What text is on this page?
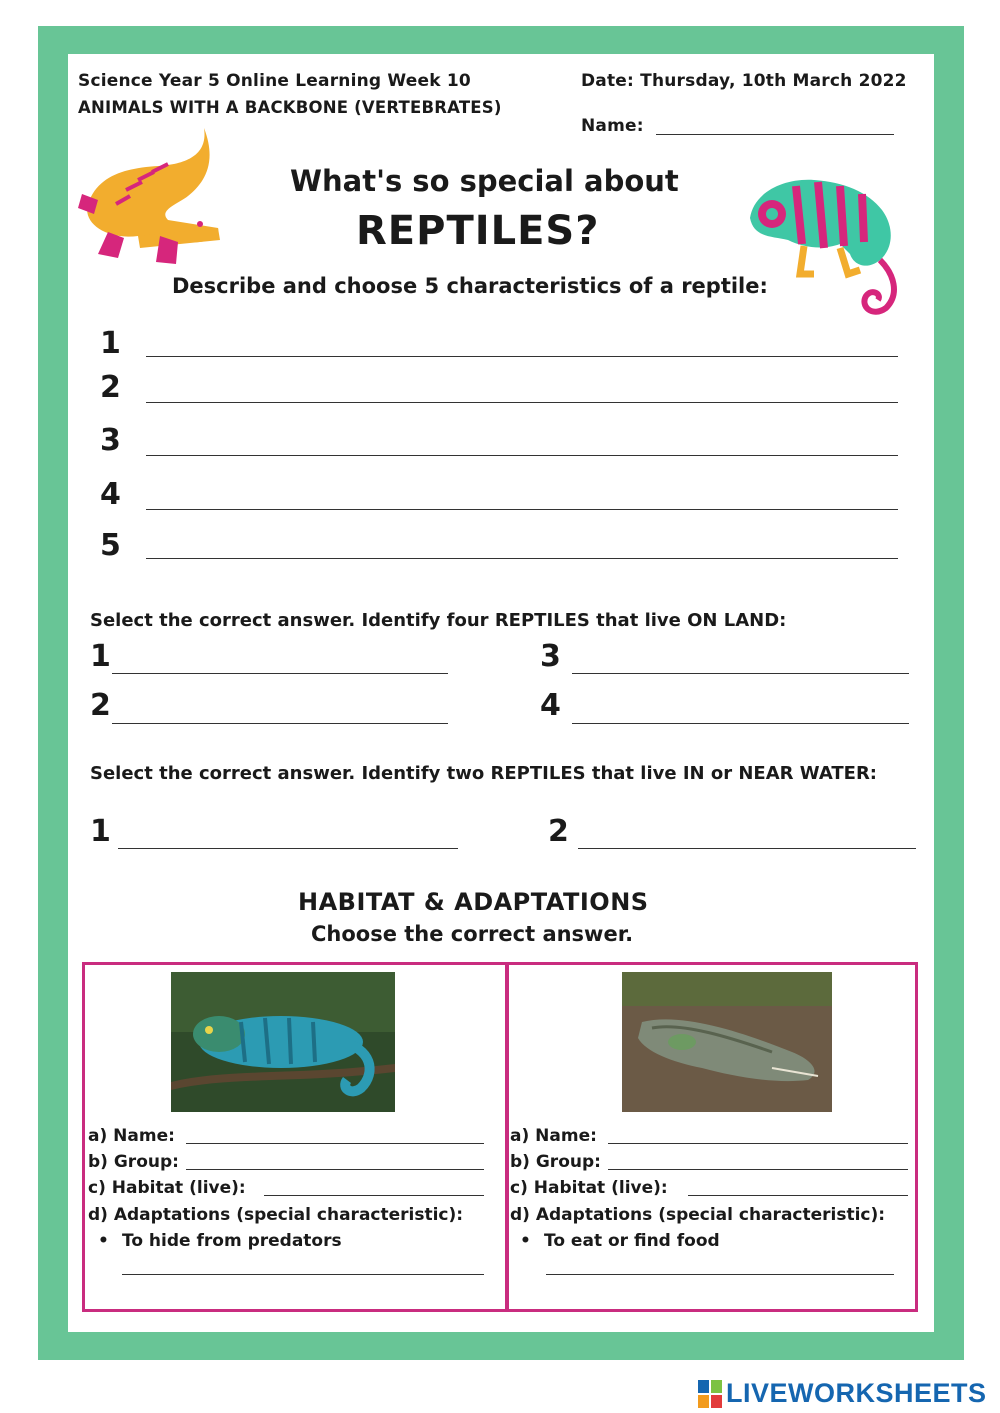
Science Year 5 Online Learning Week 10
ANIMALS WITH A BACKBONE (VERTEBRATES)
Date: Thursday, 10th March 2022
Name:
What's so special about
REPTILES?
Describe and choose 5 characteristics of a reptile:
1
2
3
4
5
Select the correct answer. Identify four REPTILES that live ON LAND:
1
2
3
4
Select the correct answer. Identify two REPTILES that live IN or NEAR WATER:
1	2
HABITAT & ADAPTATIONS
Choose the correct answer.
a) Name:
b) Group:
c) Habitat (live):
d) Adaptations (special characteristic):
• To hide from predators
a) Name:
b) Group:
c) Habitat (live):
d) Adaptations (special characteristic):
• To eat or find food
LIVEWORKSHEETS
